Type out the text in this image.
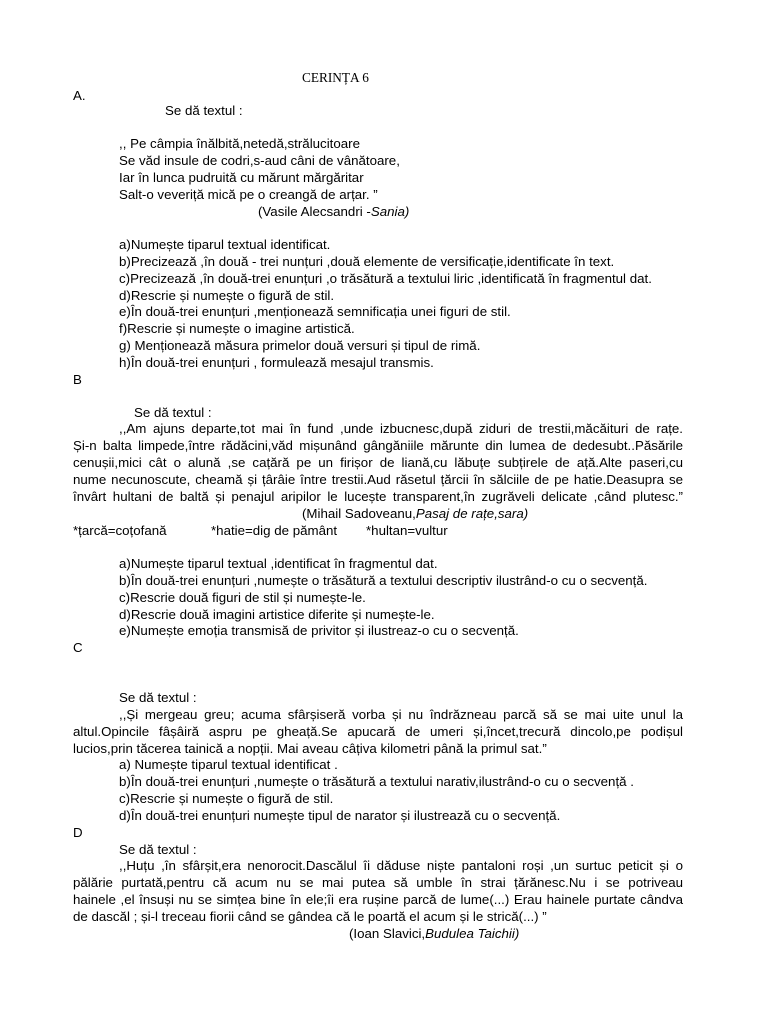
CERINȚA 6
A.
Se dă textul :
,, Pe câmpia înălbită,netedă,strălucitoare
Se văd insule de codri,s-aud câni de vânătoare,
Iar în lunca pudruită cu mărunt mărgăritar
Salt-o veveriță mică pe o creangă de arțar. ”
(Vasile Alecsandri -Sania)
a)Numește tiparul textual identificat.
b)Precizează ,în două - trei nunțuri ,două elemente de versificație,identificate în text.
c)Precizează ,în două-trei enunțuri ,o trăsătură a textului liric ,identificată în fragmentul dat.
d)Rescrie și numește o figură de stil.
e)În două-trei enunțuri ,menționează semnificația unei figuri de stil.
f)Rescrie și numește o imagine artistică.
g) Menționează măsura primelor două versuri și tipul de rimă.
h)În două-trei enunțuri , formulează mesajul transmis.
B
Se dă textul :
,,Am ajuns departe,tot mai în fund ,unde izbucnesc,după ziduri de trestii,măcăituri de rațe.
Și-n balta limpede,între rădăcini,văd mișunând gângăniile mărunte din lumea de dedesubt..Păsările
cenușii,mici cât o alună ,se cațără pe un firișor de liană,cu lăbuțe subțirele de ață.Alte paseri,cu
nume necunoscute, cheamă și țârâie între trestii.Aud răsetul țărcii în sălciile de pe hatie.Deasupra se
învârt hultani de baltă și penajul aripilor le lucește transparent,în zugrăveli delicate ,când plutesc.”
(Mihail Sadoveanu,Pasaj de rațe,sara)
*țarcă=coțofană	*hatie=dig de pământ *hultan=vultur
a)Numește tiparul textual ,identificat în fragmentul dat.
b)În două-trei enunțuri ,numește o trăsătură a textului descriptiv ilustrând-o cu o secvență.
c)Rescrie două figuri de stil și numește-le.
d)Rescrie două imagini artistice diferite și numește-le.
e)Numește emoția transmisă de privitor și ilustreaz-o cu o secvență.
C
Se dă textul :
,,Și mergeau greu; acuma sfârșiseră vorba și nu îndrăzneau parcă să se mai uite unul la
altul.Opincile fâșâiră aspru pe gheață.Se apucară de umeri și,încet,trecură dincolo,pe podișul
lucios,prin tăcerea tainică a nopții. Mai aveau câțiva kilometri până la primul sat.”
a) Numește tiparul textual identificat .
b)În două-trei enunțuri ,numește o trăsătură a textului narativ,ilustrând-o cu o secvență .
c)Rescrie și numește o figură de stil.
d)În două-trei enunțuri numește tipul de narator și ilustrează cu o secvență.
D
Se dă textul :
,,Huțu ,în sfârșit,era nenorocit.Dascălul îi dăduse niște pantaloni roși ,un surtuc peticit și o
pălărie purtată,pentru că acum nu se mai putea să umble în strai țărănesc.Nu i se potriveau
hainele ,el însuși nu se simțea bine în ele;îi era rușine parcă de lume(...) Erau hainele purtate cândva
de dascăl ; și-l treceau fiorii când se gândea că le poartă el acum și le strică(...) ”
(Ioan Slavici,Budulea Taichii)
